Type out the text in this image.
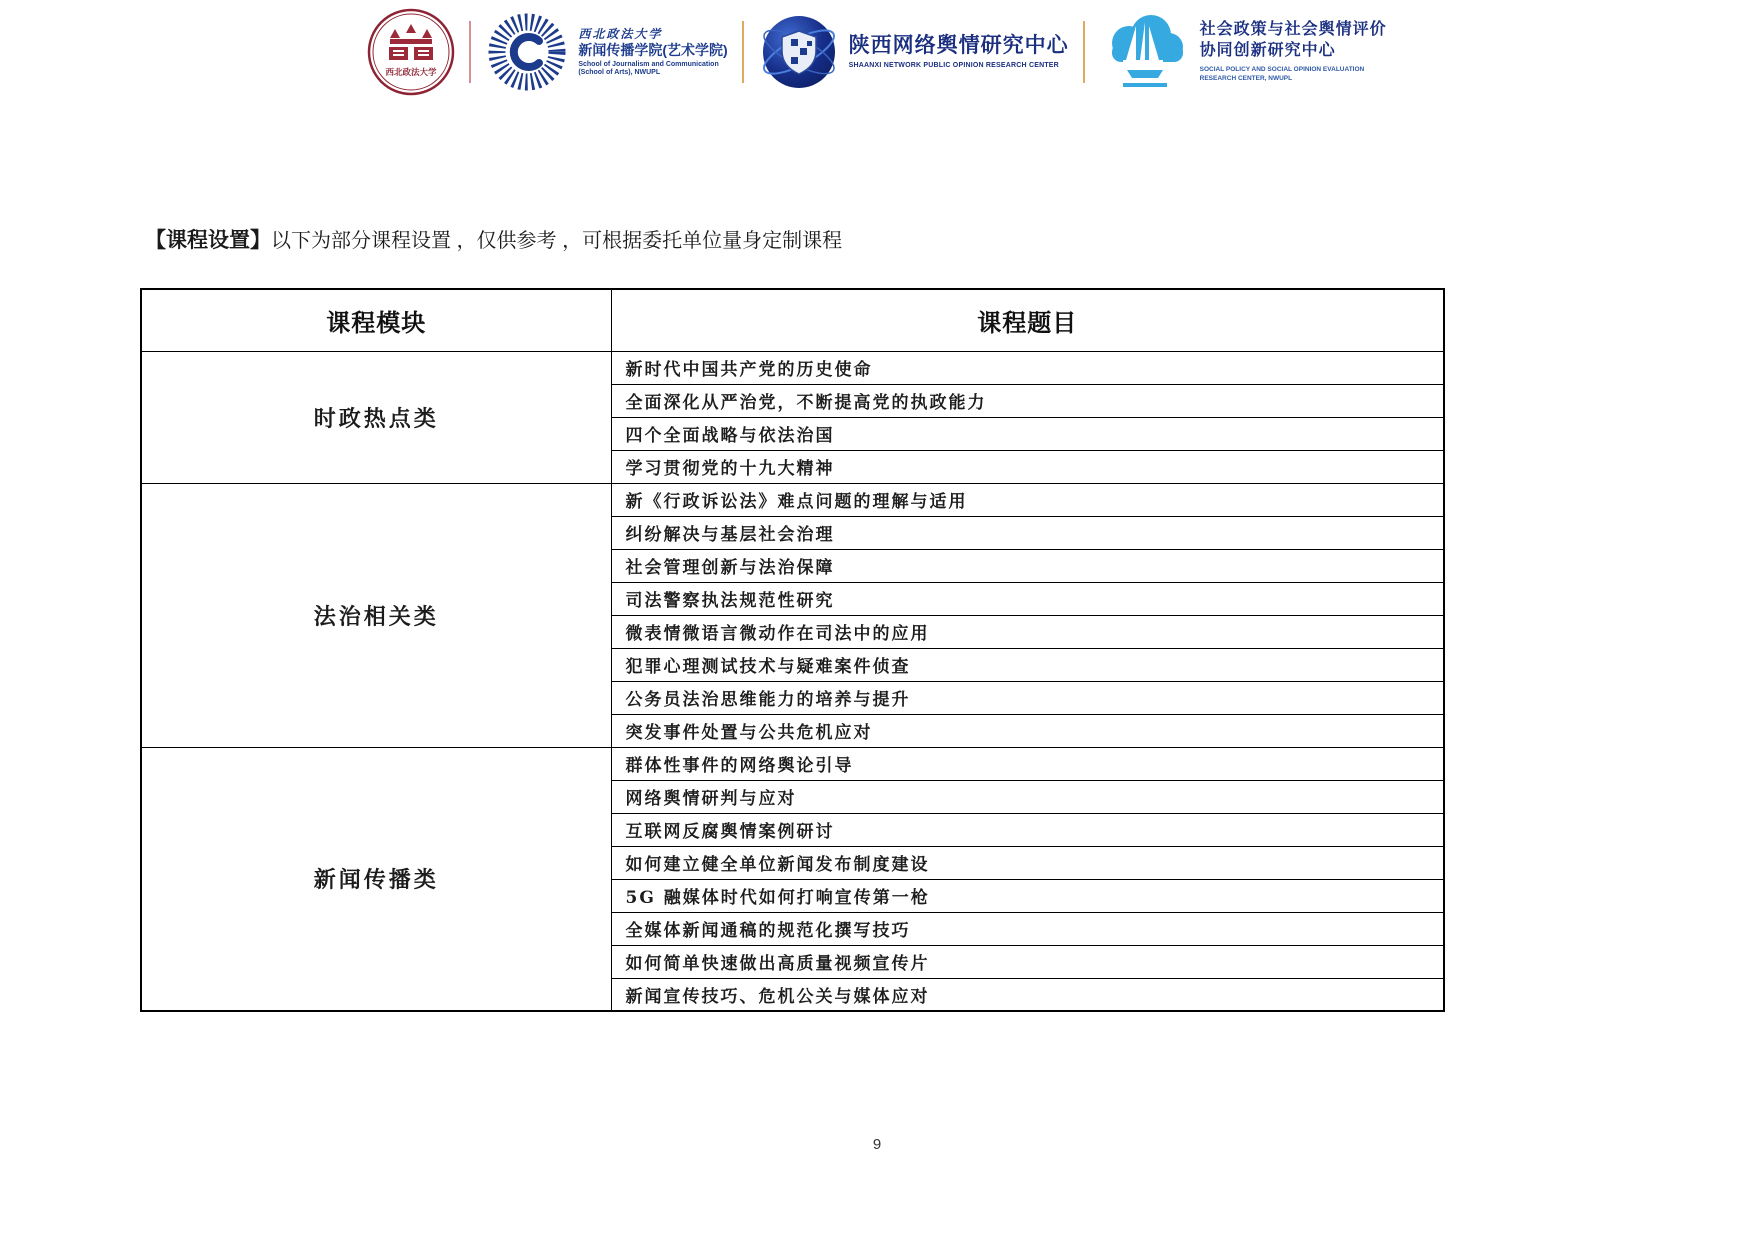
西北政法大学
西北政法大学
新闻传播学院(艺术学院)
School of Journalism and Communication
(School of Arts), NWUPL
陕西网络舆情研究中心
SHAANXI NETWORK PUBLIC OPINION RESEARCH CENTER
社会政策与社会舆情评价
协同创新研究中心
SOCIAL POLICY AND SOCIAL OPINION EVALUATION
RESEARCH CENTER, NWUPL
【课程设置】以下为部分课程设置 ，仅供参考 ，可根据委托单位量身定制课程
课程模块	课程题目
时政热点类	新时代中国共产党的历史使命
	全面深化从严治党，不断提高党的执政能力
	四个全面战略与依法治国
	学习贯彻党的十九大精神
法治相关类	新《行政诉讼法》难点问题的理解与适用
	纠纷解决与基层社会治理
	社会管理创新与法治保障
	司法警察执法规范性研究
	微表情微语言微动作在司法中的应用
	犯罪心理测试技术与疑难案件侦查
	公务员法治思维能力的培养与提升
	突发事件处置与公共危机应对
新闻传播类	群体性事件的网络舆论引导
	网络舆情研判与应对
	互联网反腐舆情案例研讨
	如何建立健全单位新闻发布制度建设
	5G 融媒体时代如何打响宣传第一枪
	全媒体新闻通稿的规范化撰写技巧
	如何简单快速做出高质量视频宣传片
	新闻宣传技巧、危机公关与媒体应对
9
